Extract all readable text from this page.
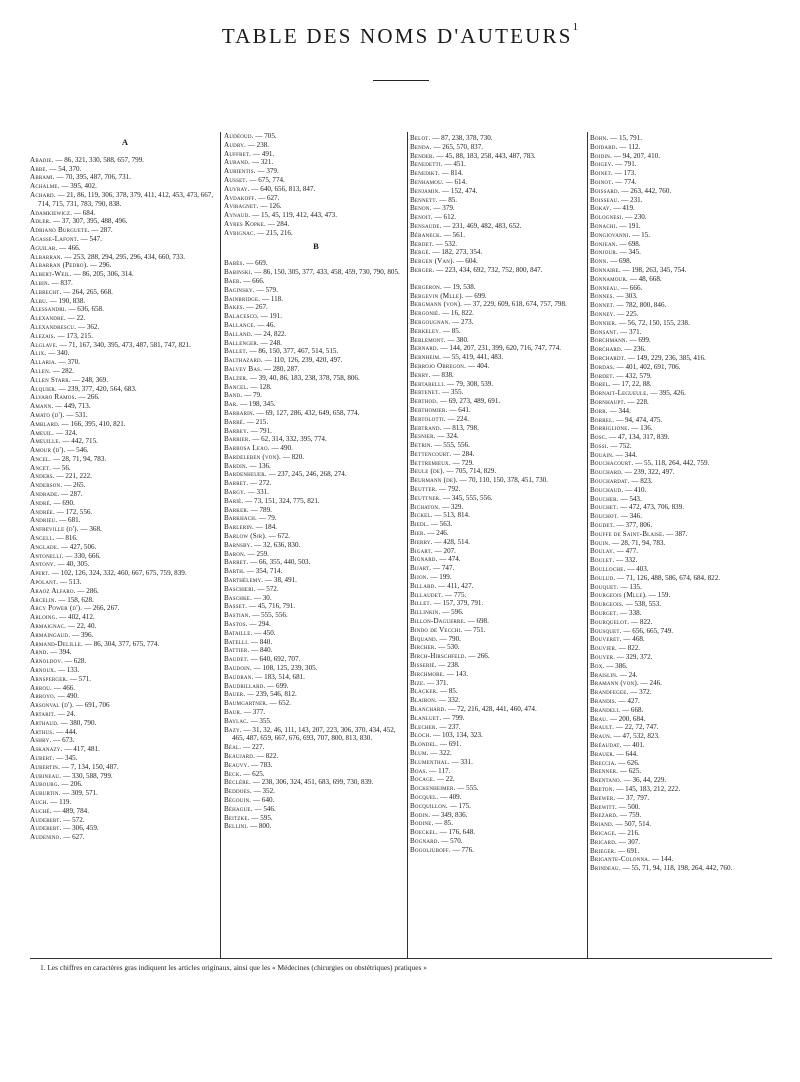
TABLE DES NOMS D'AUTEURS$^1$
A
Abadie. — 86, 321, 330, 588, 657, 799.
Abbe. — 54, 370.
Abrami. — 70, 395, 487, 706, 731.
Achalme. — 395, 402.
Achard. — 21, 86, 119, 306, 378, 379, 411, 412, 453, 473, 667, 714, 715, 731, 783, 790, 838.
Adamkiewicz. — 684.
Adler. — 37, 307, 395, 488, 496.
Adriano Burguete. — 287.
Agasse-Lafont. — 547.
Aguilar. — 466.
Albarran. — 253, 288, 294, 295, 296, 434, 660, 733.
Albarran (Pedro). — 296.
Albert-Weil. — 86, 205, 306, 314.
Albin. — 837.
Albrecht. — 264, 265, 668.
Albu. — 190, 838.
Alessandri. — 636, 658.
Alexandre. — 22.
Alexandrescu. — 362.
Alezais. — 173, 215.
Alglave. — 71, 167, 340, 395, 473, 487, 581, 747, 821.
Alix. — 340.
Allaria. — 370.
Allen. — 282.
Allen Starr. — 248, 369.
Alquier. — 239, 377, 420, 564, 683.
Alvaro Ramos. — 266.
Amann. — 449, 713.
Amato (d'). — 531.
Amblard. — 166, 395, 410, 821.
Ameuil. — 324.
Ameuille. — 442, 715.
Amour (d'). — 546.
Ancel. — 28, 71, 94, 783.
Ancet. — 56.
Anders. — 221, 222.
Anderson. — 265.
Andrade. — 287.
André. — 690.
Andrée. — 172, 556.
Andrieu. — 681.
Anfreville (d'). — 368.
Angell. — 816.
Anglade. — 427, 506.
Antonelli. — 330, 666.
Antony. — 40, 305.
Apert. — 102, 126, 324, 332, 460, 667, 675, 759, 839.
Apolant. — 513.
Araoz Alfaro. — 286.
Arcelin. — 158, 628.
Arcy Power (d'). — 266, 267.
Arloing. — 402, 412.
Armaignac. — 22, 40.
Armaingaud. — 396.
Armand-Delille. — 86, 304, 377, 675, 774.
Arnd. — 394.
Arnoldov. — 628.
Arnoux. — 133.
Arnsperger. — 571.
Arrou. — 466.
Arroyo. — 490.
Arsonval (d'). — 691, 706
Artarit. — 24.
Arthaud. — 380, 790.
Arthus. — 444.
Ashby. — 673.
Askanazy. — 417, 481.
Aubert. — 345.
Aubertin. — 7, 134, 150, 487.
Aubineau. — 330, 588, 799.
Aubourg. — 206.
Auburtin. — 309, 571.
Auch. — 119.
Auché. — 489, 784.
Audebert. — 572.
Audebert. — 306, 459.
Audenino. — 627.
Audéoud. — 705.
Audry. — 238.
Auffret. — 491.
Aurand. — 321.
Aurientis. — 379.
Ausset. — 675, 774.
Auvray. — 640, 656, 813, 847.
Avdakoff. — 627.
Aviragnet. — 126.
Aynaud. — 15, 45, 119, 412, 443, 473.
Ayres Kopke. — 284.
Aybignac. — 215, 216.
B
Babès. — 669.
Babinski. — 86, 150, 305, 377, 433, 458, 459, 730, 790, 805.
Baer. — 666.
Baginsky. — 579.
Bainbridge. — 118.
Bakes. — 267.
Balacesco. — 191.
Ballance. — 46.
Balland. — 24, 822.
Ballenger. — 248.
Ballet. — 86, 150, 377, 467, 514, 515.
Balthazard. — 110, 126, 239, 420, 497.
Balvey Bas. — 280, 287.
Balzer. — 39, 40, 86, 183, 238, 378, 758, 806.
Bancel. — 128.
Band. — 79.
Bar. — 198, 345.
Barbarin. — 69, 127, 286, 432, 649, 658, 774.
Barbé. — 215.
Barbey. — 791.
Barbier. — 62, 314, 332, 395, 774.
Barbosa Leao. — 490.
Bardeleben (von). — 820.
Bardin. — 136.
Bardenheuer. — 237, 245, 246, 268, 274.
Barret. — 272.
Bargy. — 331.
Barié. — 73, 151, 324, 775, 821.
Barker. — 789.
Barkhach. — 79.
Barlerin. — 184.
Barlow (Sir). — 672.
Barnsby. — 32, 636, 830.
Baron. — 259.
Barret. — 66, 355, 440, 503.
Barth. — 354, 714.
Barthélemy. — 38, 491.
Baschieri. — 572.
Baschke. — 30.
Basset. — 45, 716, 791.
Bastian. — 555, 556.
Bastos. — 294.
Bataille. — 450.
Batelli. — 840.
Battier. — 840.
Baudet. — 640, 692, 707.
Baudoin. — 108, 125, 239, 305.
Baudran. — 183, 514, 681.
Baudrillard. — 699.
Bauer. — 239, 546, 812.
Baumgartner. — 652.
Baur. — 377.
Baylac. — 355.
Bazy. — 31, 32, 46, 111, 143, 207, 223, 306, 370, 434, 452, 465, 487, 659, 667, 676, 693, 707, 800, 813, 830.
Béal. — 227.
Beaujard. — 822.
Beauvy. — 783.
Beck. — 625.
Béclère. — 238, 306, 324, 451, 683, 699, 730, 839.
Beddoes. — 352.
Bégouin. — 640.
Béhague. — 546.
Beitzke. — 595.
Bellini. — 800.
Belot. — 87, 238, 378, 730.
Benda. — 265, 570, 837.
Bender. — 45, 88, 183, 258, 443, 487, 783.
Benedetti. — 451.
Benedikt. — 814.
Benhamou. — 614.
Benjamin. — 152, 474.
Bennett. — 85.
Benon. — 379.
Benoit. — 612.
Bensaude. — 231, 469, 482, 483, 652.
Béraneck. — 561.
Berdet. — 532.
Bergé. — 182, 273, 354.
Bergen (Van). — 604.
Berger. — 223, 434, 692, 732, 752, 800, 847.
Bergeron. — 19, 538.
Bergevin (Mlle). — 699.
Bergmann (von). — 37, 229, 609, 618, 674, 757, 798.
Bergonié. — 16, 822.
Bergougnan. — 273.
Berkeley. — 85.
Berlemont. — 380.
Bernard. — 144, 207, 231, 399, 620, 716, 747, 774.
Bernheim. — 55, 419, 441, 483.
Berrojo Obregon. — 404.
Berry. — 838.
Bertarelli. — 79, 308, 539.
Bertenet. — 355.
Berthod. — 69, 273, 489, 691.
Berthomier. — 641.
Bertolotti. — 224.
Bertrand. — 813, 798.
Besnier. — 324.
Betrin. — 555, 556.
Bettencourt. — 284.
Bettremieux. — 729.
Beule (de). — 705, 714, 829.
Beurmann (de). — 70, 110, 150, 378, 451, 730.
Beutter. — 792.
Beuttner. — 345, 555, 556.
Bichaton. — 329.
Bickel. — 513, 814.
Biedl. — 563.
Bier. — 246.
Bierry. — 428, 514.
Bigart. — 207.
Bignard. — 474.
Bijart. — 747.
Bijon. — 199.
Billard. — 411, 427.
Billaudet. — 775.
Billet. — 157, 379, 791.
Billinkin. — 596.
Billon-Daguerre. — 698.
Bindo de Vecchi. — 751.
Biquand. — 790.
Bircher. — 530.
Birch-Hirschfeld. — 266.
Bisserié. — 238.
Birchmore. — 143.
Bize. — 371.
Blacker. — 85.
Blairon. — 332.
Blanchard. — 72, 216, 428, 441, 460, 474.
Blanluet. — 799.
Blecher. — 237.
Bloch. — 103, 134, 323.
Blondel. — 691.
Blum. — 322.
Blumenthal. — 331.
Boas. — 117.
Bocage. — 22.
Bockenheimer. — 555.
Bocquel. — 409.
Bocquillon. — 175.
Bodin. — 349, 836.
Bodine. — 85.
Boeckel. — 176, 648.
Bognard. — 570.
Bogoljuboff. — 776.
Bohn. — 15, 791.
Boidard. — 112.
Boidin. — 94, 207, 410.
Boigey. — 791.
Boinet. — 173.
Boinot. — 774.
Boissard. — 263, 442, 760.
Boisseau. — 231.
Bokay. — 419.
Bolognesi. — 230.
Bonachi. — 191.
Bongiovanni. — 15.
Bonjean. — 698.
Bonjour. — 345.
Bonn. — 698.
Bonnaire. — 198, 263, 345, 754.
Bonnamour. — 48, 668.
Bonneau. — 666.
Bonnes. — 303.
Bonnet. — 782, 800, 846.
Bonney. — 225.
Bonnier. — 56, 72, 150, 155, 238.
Bonsant. — 371.
Borchmann. — 699.
Borchard. — 236.
Borchardt. — 149, 229, 236, 385, 416.
Bordas. — 401, 402, 691, 706.
Bordet. — 432, 579.
Borel. — 17, 22, 88.
Bornait-Legueule. — 395, 426.
Bornhaupt. — 228.
Borr. — 344.
Borrel. — 94, 474, 475.
Borriglione. — 136.
Bosc. — 47, 134, 317, 839.
Bossi. — 752.
Bouain. — 344.
Bouchacourt. — 55, 118, 264, 442, 759.
Bouchard. — 239, 322, 497.
Bouchardat. — 823.
Bouchaud. — 410.
Boucher. — 543.
Bouchet. — 472, 473, 706, 839.
Bouchot. — 346.
Boudet. — 377, 806.
Bouffe de Saint-Blaise. — 387.
Bouin. — 28, 71, 94, 783.
Boulay. — 477.
Boulet. — 332.
Boulloche. — 403.
Boulud. — 71, 126, 488, 586, 674, 684, 822.
Bouquet. — 135.
Bourgeois (Mlle). — 159.
Bourgeois. — 538, 553.
Bourget. — 338.
Bourquelot. — 822.
Bousquet. — 656, 665, 749.
Bouveret. — 468.
Bouvier. — 822.
Bouyer. — 329, 372.
Box. — 386.
Braislin. — 24.
Bramann (von). — 246.
Brandfegee. — 372.
Brandis. — 427.
Brandeli. — 668.
Brau. — 200, 684.
Brault. — 22, 72, 747.
Braun. — 47, 532, 823.
Bréaudat. — 401.
Brauer. — 644.
Breccia. — 626.
Brenner. — 625.
Brentano. — 36, 44, 229.
Breton. — 145, 183, 212, 222.
Brewer. — 37, 797.
Brewitt. — 500.
Brezard. — 759.
Briand. — 507, 514.
Bricage. — 216.
Bricard. — 307.
Brieger. — 691.
Brigante-Colonna. — 144.
Brindeau. — 55, 71, 94, 118, 198, 264, 442, 760.
1. Les chiffres en caractères gras indiquent les articles originaux, ainsi que les « Médecines (chirurgies ou obstétriques) pratiques »
